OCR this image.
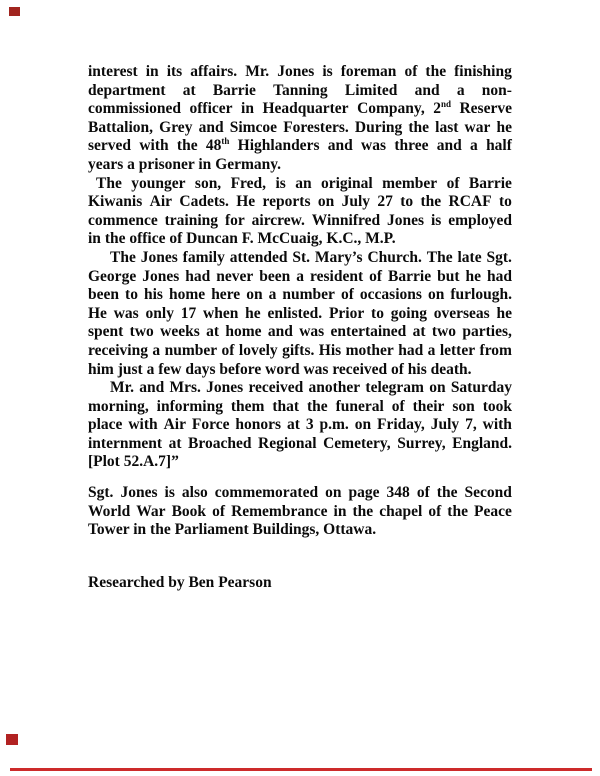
interest in its affairs. Mr. Jones is foreman of the finishing
department at Barrie Tanning Limited and a non-
commissioned officer in Headquarter Company, 2nd Reserve
Battalion, Grey and Simcoe Foresters. During the last war he
served with the 48th Highlanders and was three and a half
years a prisoner in Germany.
The younger son, Fred, is an original member of Barrie
Kiwanis Air Cadets. He reports on July 27 to the RCAF to
commence training for aircrew. Winnifred Jones is employed
in the office of Duncan F. McCuaig, K.C., M.P.
The Jones family attended St. Mary’s Church. The late Sgt.
George Jones had never been a resident of Barrie but he had
been to his home here on a number of occasions on furlough.
He was only 17 when he enlisted. Prior to going overseas he
spent two weeks at home and was entertained at two parties,
receiving a number of lovely gifts. His mother had a letter from
him just a few days before word was received of his death.
Mr. and Mrs. Jones received another telegram on Saturday
morning, informing them that the funeral of their son took
place with Air Force honors at 3 p.m. on Friday, July 7, with
internment at Broached Regional Cemetery, Surrey, England.
[Plot 52.A.7]”
Sgt. Jones is also commemorated on page 348 of the Second
World War Book of Remembrance in the chapel of the Peace
Tower in the Parliament Buildings, Ottawa.
Researched by Ben Pearson
